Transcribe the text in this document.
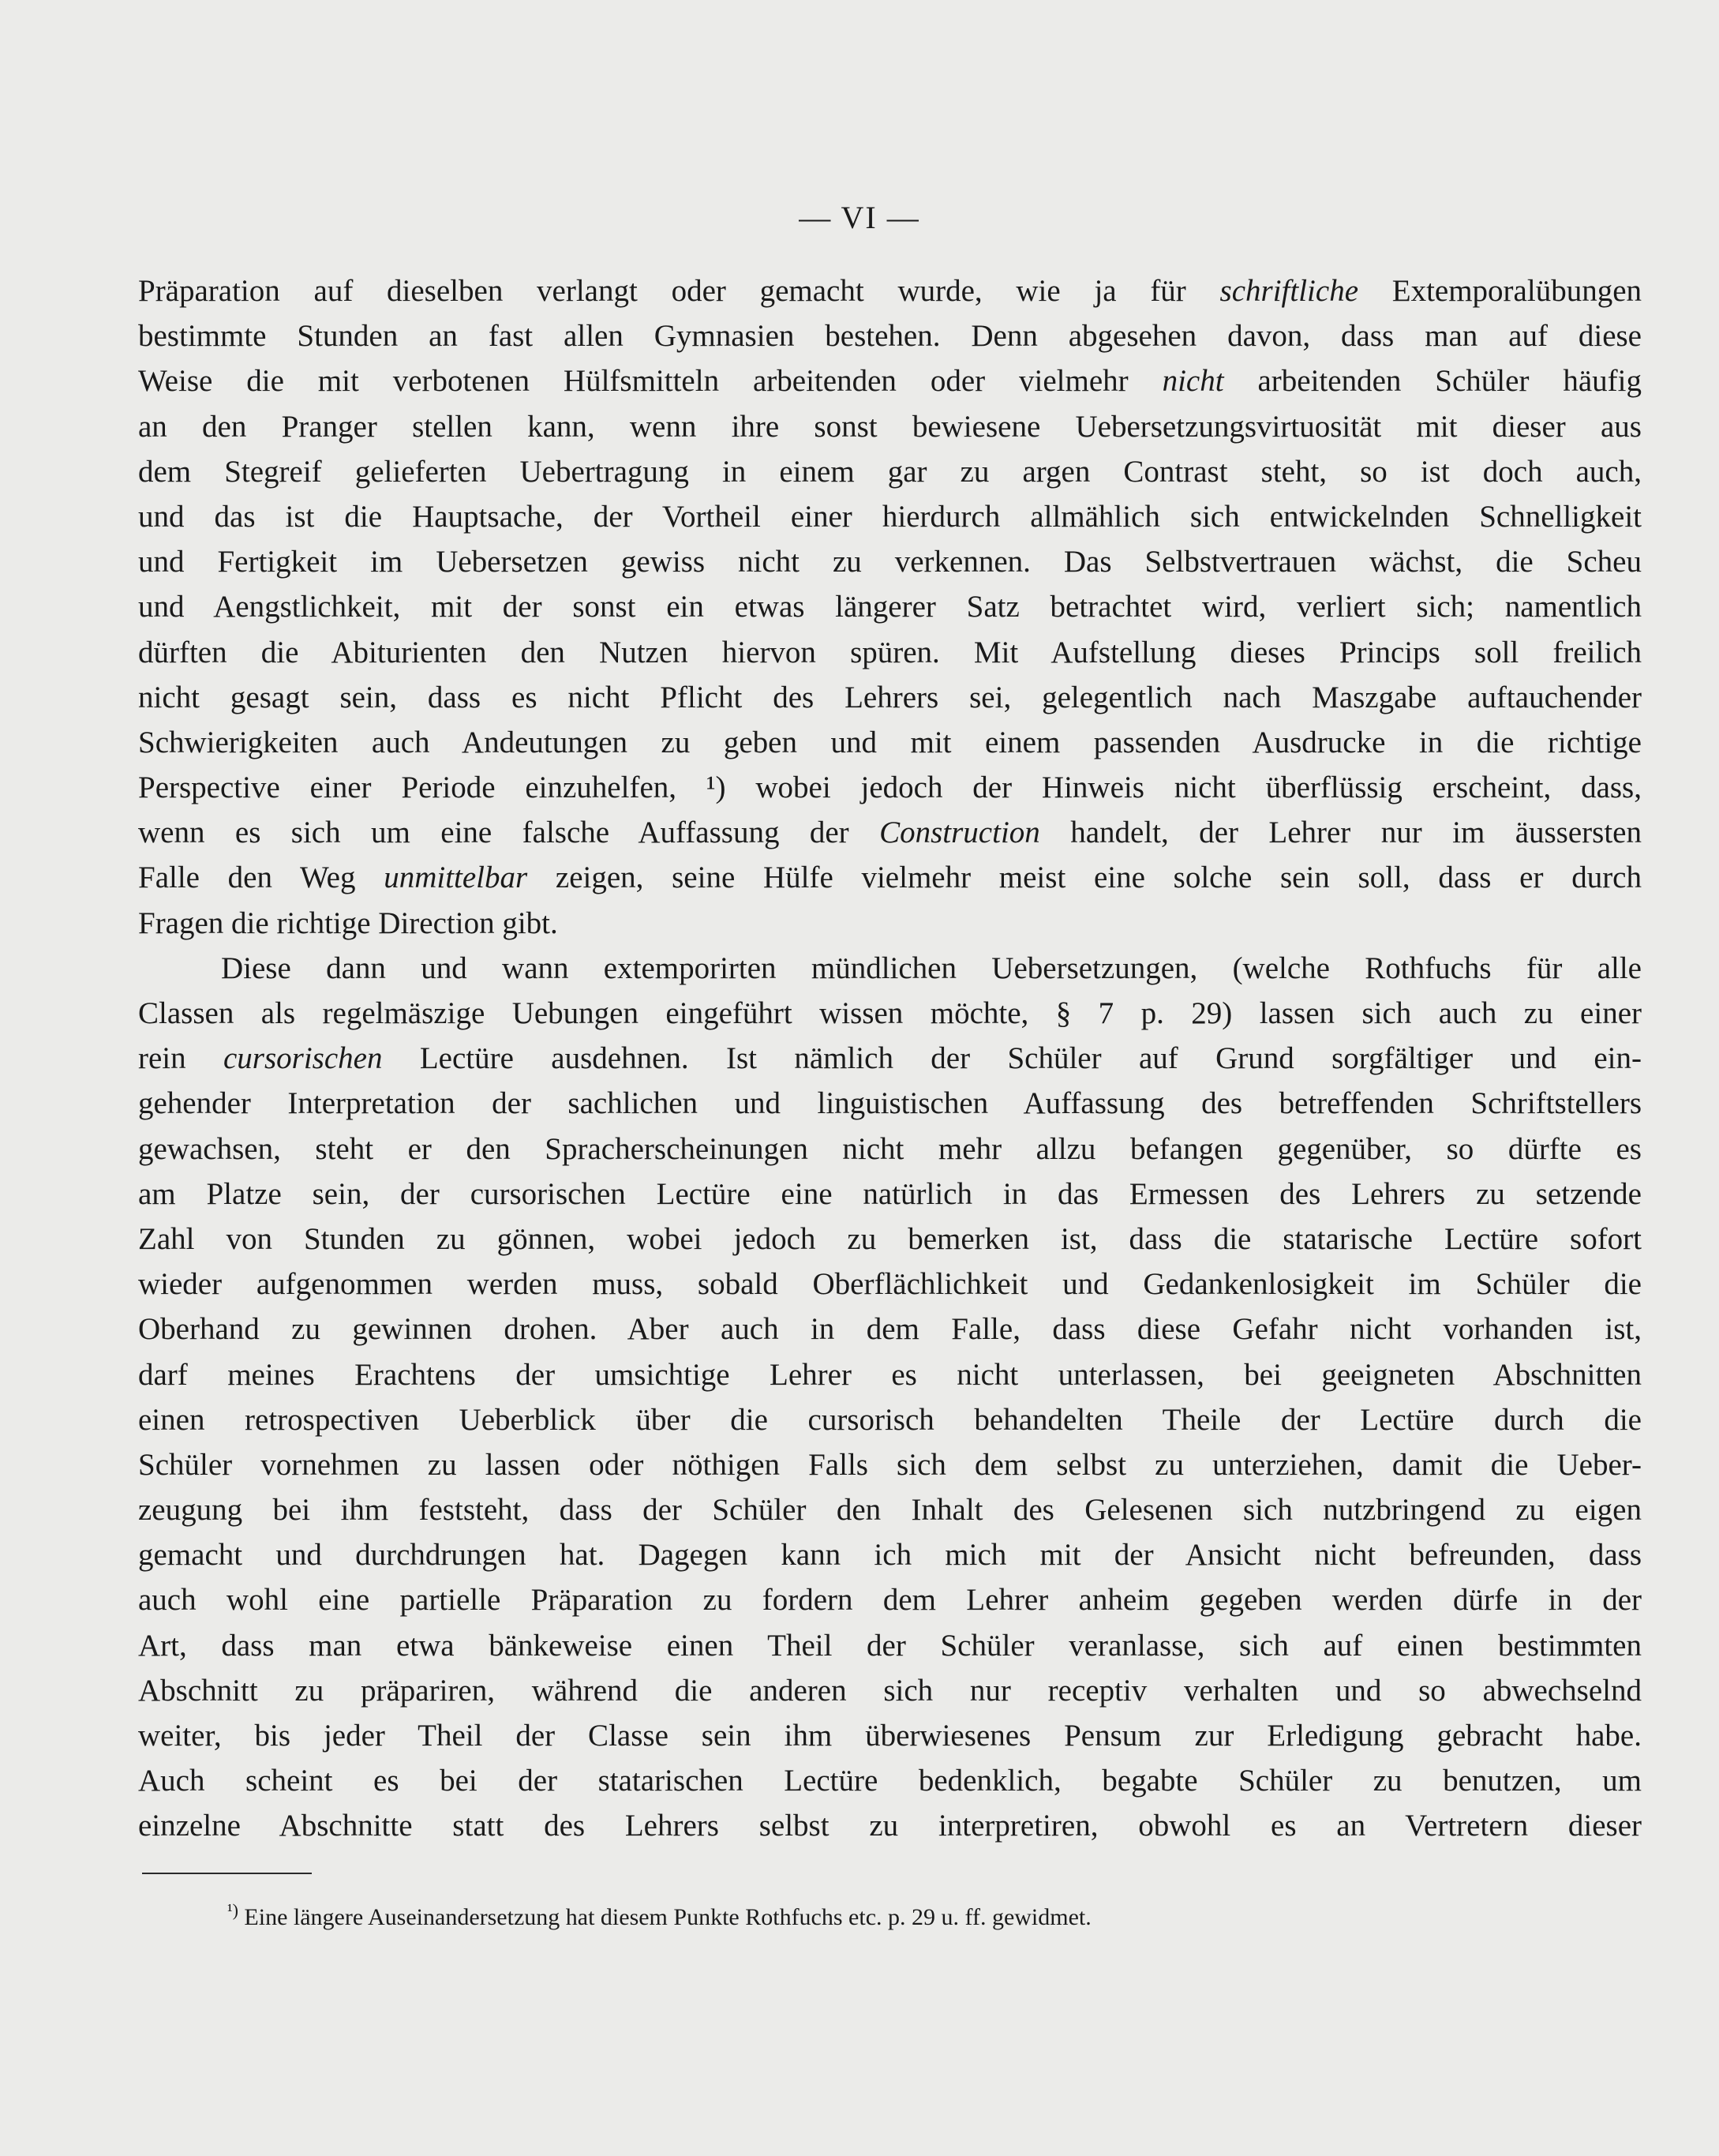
— VI —
Präparation auf dieselben verlangt oder gemacht wurde, wie ja für schriftliche Extemporalübungen
bestimmte Stunden an fast allen Gymnasien bestehen. Denn abgesehen davon, dass man auf diese
Weise die mit verbotenen Hülfsmitteln arbeitenden oder vielmehr nicht arbeitenden Schüler häufig
an den Pranger stellen kann, wenn ihre sonst bewiesene Uebersetzungsvirtuosität mit dieser aus
dem Stegreif gelieferten Uebertragung in einem gar zu argen Contrast steht, so ist doch auch,
und das ist die Hauptsache, der Vortheil einer hierdurch allmählich sich entwickelnden Schnelligkeit
und Fertigkeit im Uebersetzen gewiss nicht zu verkennen. Das Selbstvertrauen wächst, die Scheu
und Aengstlichkeit, mit der sonst ein etwas längerer Satz betrachtet wird, verliert sich; namentlich
dürften die Abiturienten den Nutzen hiervon spüren. Mit Aufstellung dieses Princips soll freilich
nicht gesagt sein, dass es nicht Pflicht des Lehrers sei, gelegentlich nach Maszgabe auftauchender
Schwierigkeiten auch Andeutungen zu geben und mit einem passenden Ausdrucke in die richtige
Perspective einer Periode einzuhelfen, ¹) wobei jedoch der Hinweis nicht überflüssig erscheint, dass,
wenn es sich um eine falsche Auffassung der Construction handelt, der Lehrer nur im äussersten
Falle den Weg unmittelbar zeigen, seine Hülfe vielmehr meist eine solche sein soll, dass er durch
Fragen die richtige Direction gibt.
Diese dann und wann extemporirten mündlichen Uebersetzungen, (welche Rothfuchs für alle
Classen als regelmäszige Uebungen eingeführt wissen möchte, § 7 p. 29) lassen sich auch zu einer
rein cursorischen Lectüre ausdehnen. Ist nämlich der Schüler auf Grund sorgfältiger und ein-
gehender Interpretation der sachlichen und linguistischen Auffassung des betreffenden Schriftstellers
gewachsen, steht er den Spracherscheinungen nicht mehr allzu befangen gegenüber, so dürfte es
am Platze sein, der cursorischen Lectüre eine natürlich in das Ermessen des Lehrers zu setzende
Zahl von Stunden zu gönnen, wobei jedoch zu bemerken ist, dass die statarische Lectüre sofort
wieder aufgenommen werden muss, sobald Oberflächlichkeit und Gedankenlosigkeit im Schüler die
Oberhand zu gewinnen drohen. Aber auch in dem Falle, dass diese Gefahr nicht vorhanden ist,
darf meines Erachtens der umsichtige Lehrer es nicht unterlassen, bei geeigneten Abschnitten
einen retrospectiven Ueberblick über die cursorisch behandelten Theile der Lectüre durch die
Schüler vornehmen zu lassen oder nöthigen Falls sich dem selbst zu unterziehen, damit die Ueber-
zeugung bei ihm feststeht, dass der Schüler den Inhalt des Gelesenen sich nutzbringend zu eigen
gemacht und durchdrungen hat. Dagegen kann ich mich mit der Ansicht nicht befreunden, dass
auch wohl eine partielle Präparation zu fordern dem Lehrer anheim gegeben werden dürfe in der
Art, dass man etwa bänkeweise einen Theil der Schüler veranlasse, sich auf einen bestimmten
Abschnitt zu präpariren, während die anderen sich nur receptiv verhalten und so abwechselnd
weiter, bis jeder Theil der Classe sein ihm überwiesenes Pensum zur Erledigung gebracht habe.
Auch scheint es bei der statarischen Lectüre bedenklich, begabte Schüler zu benutzen, um
einzelne Abschnitte statt des Lehrers selbst zu interpretiren, obwohl es an Vertretern dieser
$^{^1)}$ Eine längere Auseinandersetzung hat diesem Punkte Rothfuchs etc. p. 29 u. ff. gewidmet.
